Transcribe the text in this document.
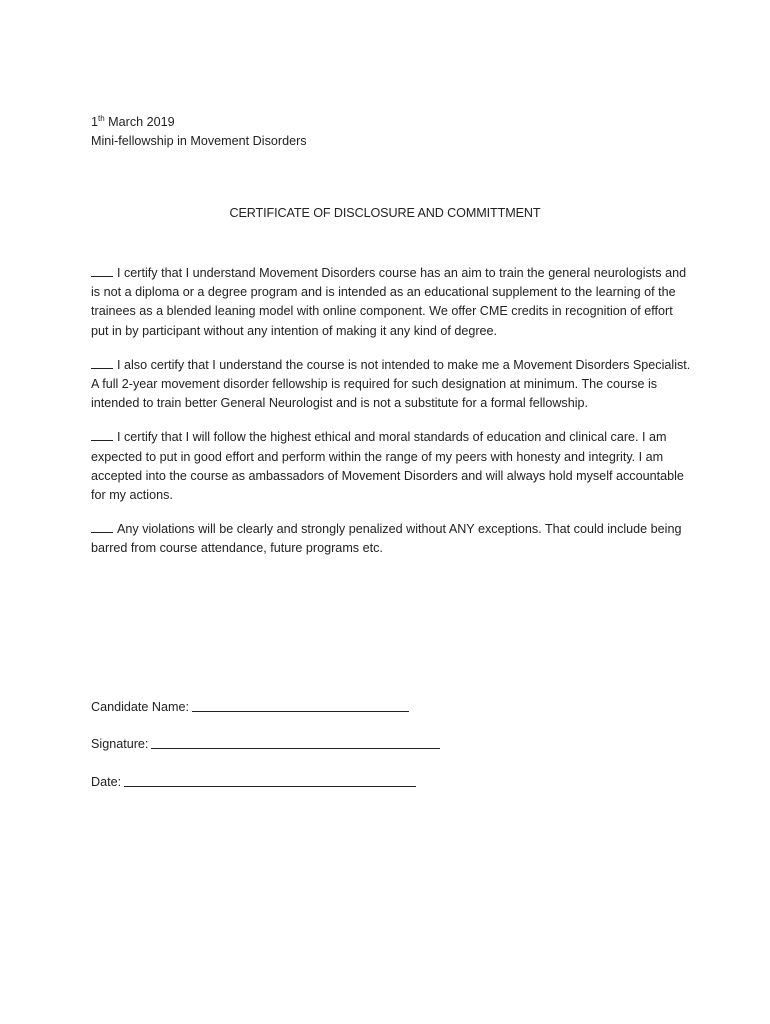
1th March 2019
Mini-fellowship in Movement Disorders
CERTIFICATE OF DISCLOSURE AND COMMITTMENT

I certify that I understand Movement Disorders course has an aim to train the general neurologists and is not a diploma or a degree program and is intended as an educational supplement to the learning of the trainees as a blended leaning model with online component. We offer CME credits in recognition of effort put in by participant without any intention of making it any kind of degree.

I also certify that I understand the course is not intended to make me a Movement Disorders Specialist. A full 2-year movement disorder fellowship is required for such designation at minimum. The course is intended to train better General Neurologist and is not a substitute for a formal fellowship.

I certify that I will follow the highest ethical and moral standards of education and clinical care. I am expected to put in good effort and perform within the range of my peers with honesty and integrity. I am accepted into the course as ambassadors of Movement Disorders and will always hold myself accountable for my actions.

Any violations will be clearly and strongly penalized without ANY exceptions. That could include being barred from course attendance, future programs etc.

Candidate Name:
Signature:
Date:
